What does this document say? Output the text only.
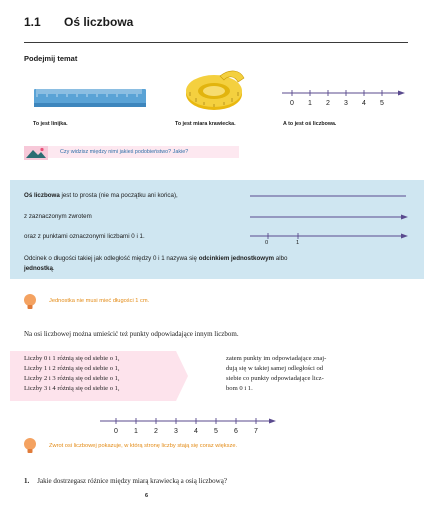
1.1 Oś liczbowa
Podejmij temat
To jest linijka.	To jest miara krawiecka.
0 1 2 3 4 5
A to jest oś liczbowa.
Czy widzisz między nimi jakieś podobieństwo? Jakie?
Oś liczbowa jest to prosta (nie ma początku ani końca),
z zaznaczonym zwrotem
oraz z punktami oznaczonymi liczbami 0 i 1.
0	1
Odcinek o długości takiej jak odległość między 0 i 1 nazywa się odcinkiem jednostkowym albo
jednostką.
Jednostka nie musi mieć długości 1 cm.
Na osi liczbowej można umieścić też punkty odpowiadające innym liczbom.
Liczby 0 i 1 różnią się od siebie o 1,
Liczby 1 i 2 różnią się od siebie o 1,
Liczby 2 i 3 różnią się od siebie o 1,
Liczby 3 i 4 różnią się od siebie o 1,
zatem punkty im odpowiadające znaj-
dują się w takiej samej odległości od
siebie co punkty odpowiadające licz-
bom 0 i 1.
0 1 2 3 4 5 6 7
Zwrot osi liczbowej pokazuje, w którą stronę liczby stają się coraz większe.
1. Jakie dostrzegasz różnice między miarą krawiecką a osią liczbową?
6
